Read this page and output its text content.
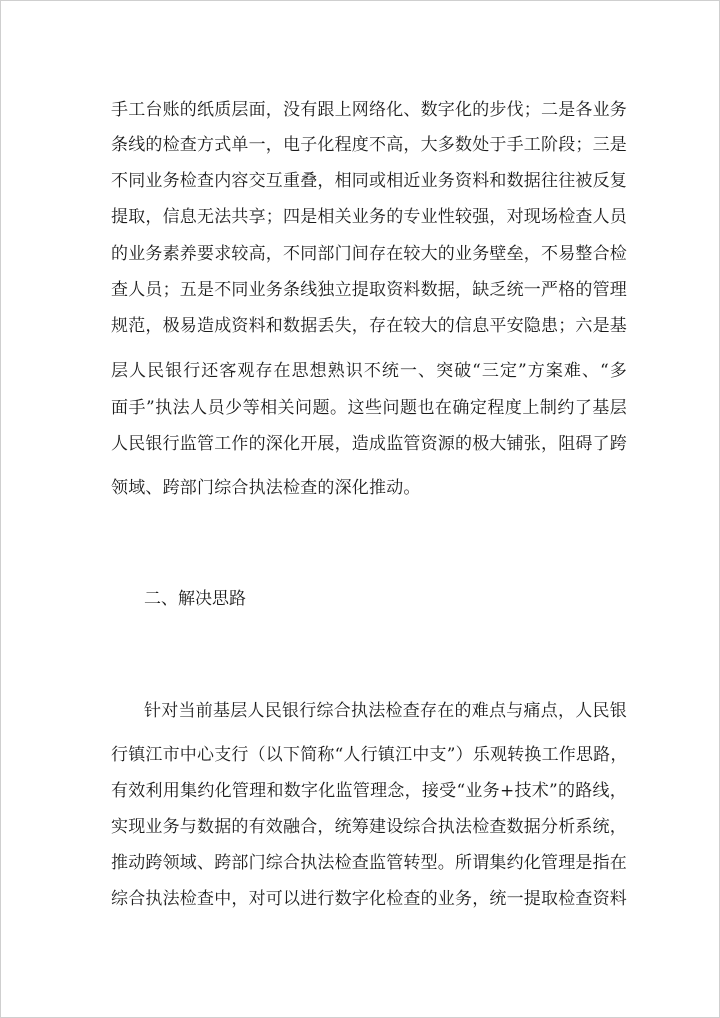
手工台账的纸质层面，没有跟上网络化、数字化的步伐；二是各业务
条线的检查方式单一，电子化程度不高，大多数处于手工阶段；三是
不同业务检查内容交互重叠，相同或相近业务资料和数据往往被反复
提取，信息无法共享；四是相关业务的专业性较强，对现场检查人员
的业务素养要求较高，不同部门间存在较大的业务壁垒，不易整合检
查人员；五是不同业务条线独立提取资料数据，缺乏统一严格的管理
规范，极易造成资料和数据丢失，存在较大的信息平安隐患；六是基
层人民银行还客观存在思想熟识不统一、突破“三定”方案难、“多
面手”执法人员少等相关问题。这些问题也在确定程度上制约了基层
人民银行监管工作的深化开展，造成监管资源的极大铺张，阻碍了跨
领域、跨部门综合执法检查的深化推动。
二、解决思路
针对当前基层人民银行综合执法检查存在的难点与痛点，人民银
行镇江市中心支行（以下简称“人行镇江中支”）乐观转换工作思路，
有效利用集约化管理和数字化监管理念，接受“业务+技术”的路线，
实现业务与数据的有效融合，统筹建设综合执法检查数据分析系统，
推动跨领域、跨部门综合执法检查监管转型。所谓集约化管理是指在
综合执法检查中，对可以进行数字化检查的业务，统一提取检查资料
